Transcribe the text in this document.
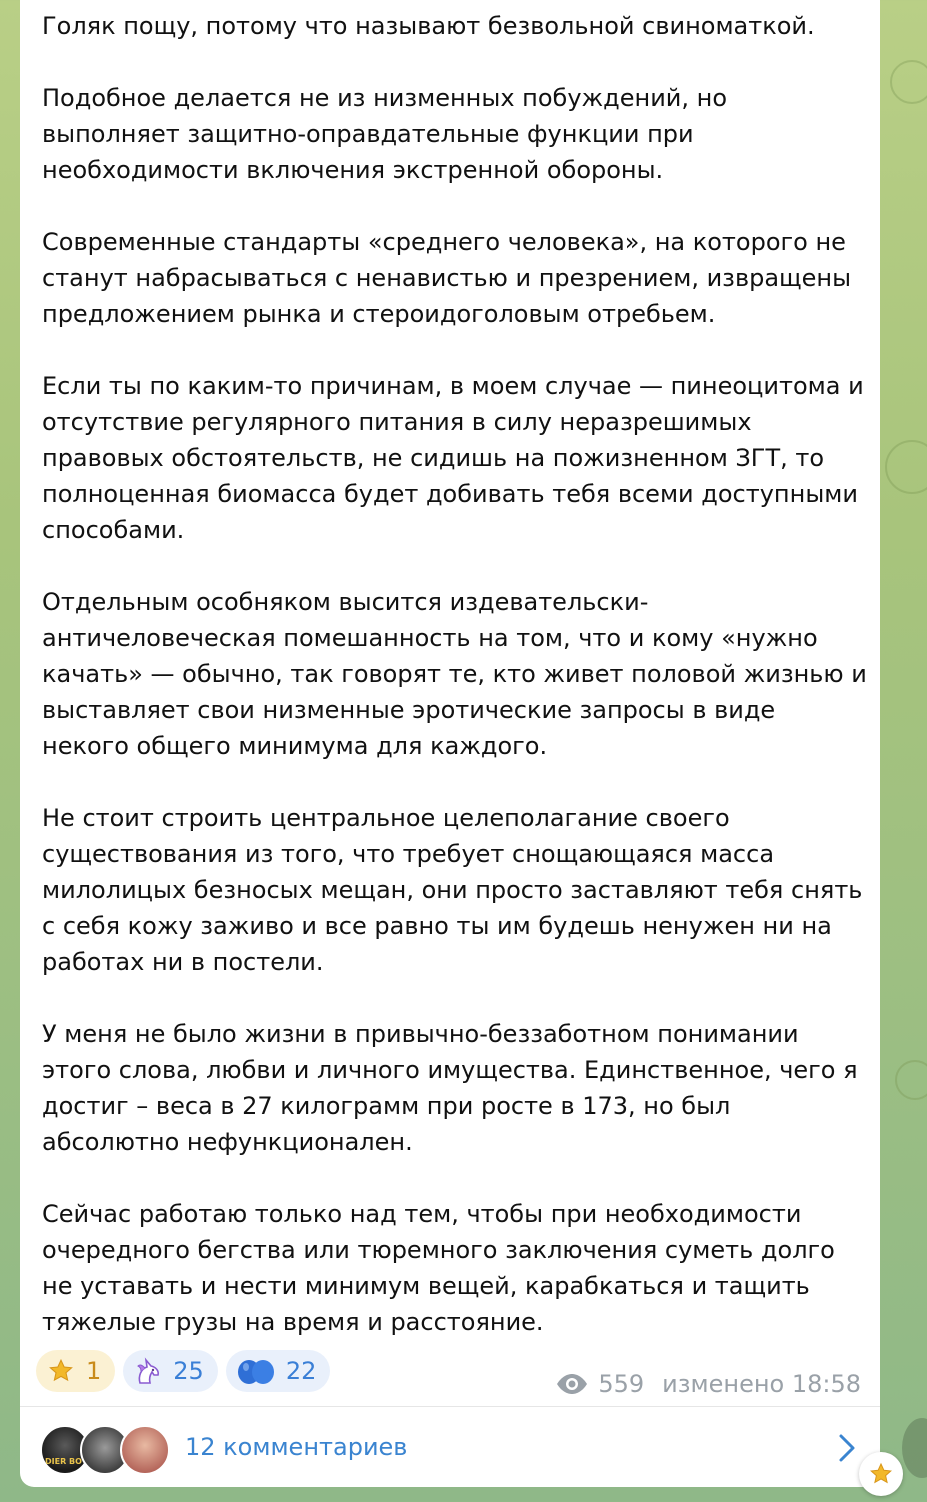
Голяк пощу, потому что называют безвольной свиноматкой.

Подобное делается не из низменных побуждений, но выполняет защитно-оправдательные функции при необходимости включения экстренной обороны.

Современные стандарты «среднего человека», на которого не станут набрасываться с ненавистью и презрением, извращены предложением рынка и стероидоголовым отребьем.

Если ты по каким-то причинам, в моем случае — пинеоцитома и отсутствие регулярного питания в силу неразрешимых правовых обстоятельств, не сидишь на пожизненном ЗГТ, то полноценная биомасса будет добивать тебя всеми доступными способами.

Отдельным особняком высится издевательски-античеловеческая помешанность на том, что и кому «нужно качать» — обычно, так говорят те, кто живет половой жизнью и выставляет свои низменные эротические запросы в виде некого общего минимума для каждого.

Не стоит строить центральное целеполагание своего существования из того, что требует снощающаяся масса милолицых безносых мещан, они просто заставляют тебя снять с себя кожу заживо и все равно ты им будешь ненужен ни на работах ни в постели.

У меня не было жизни в привычно-беззаботном понимании этого слова, любви и личного имущества. Единственное, чего я достиг – веса в 27 килограмм при росте в 173, но был абсолютно нефункционален.

Сейчас работаю только над тем, чтобы при необходимости очередного бегства или тюремного заключения суметь долго не уставать и нести минимум вещей, карабкаться и тащить тяжелые грузы на время и расстояние.

1	25	22	559 изменено 18:58
DIER BO
12 комментариев
